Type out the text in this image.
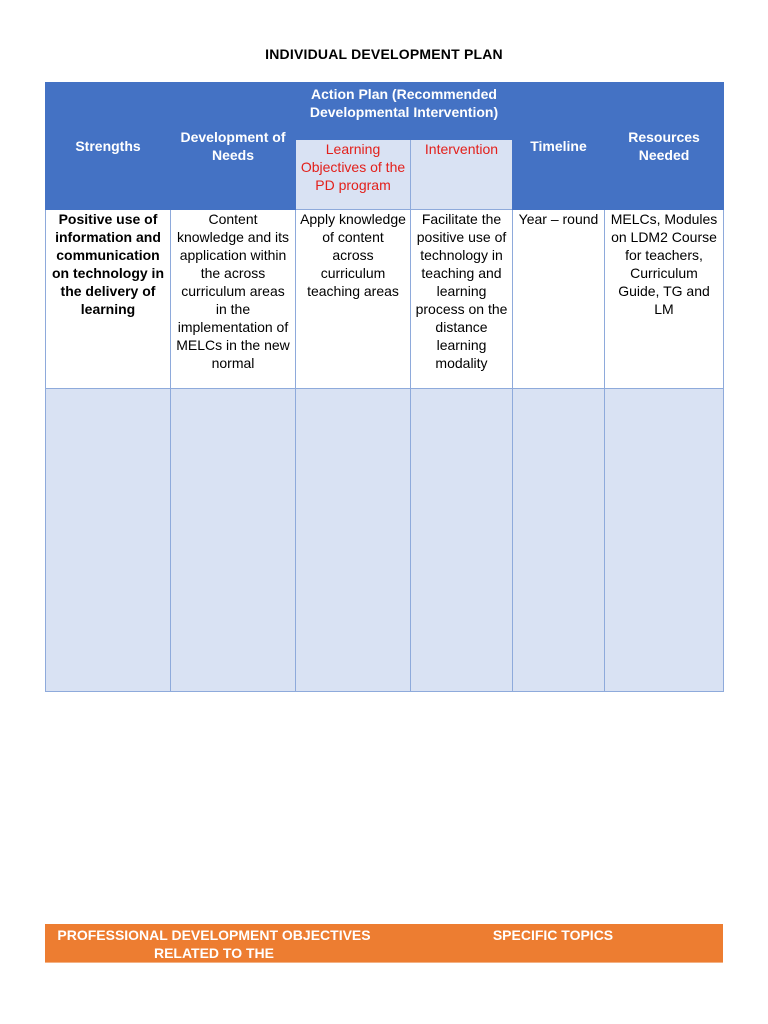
INDIVIDUAL DEVELOPMENT PLAN
Strengths	Development of Needs	Action Plan (Recommended Developmental Intervention)		Timeline	Resources Needed

		Learning Objectives of the PD program	Intervention		

Positive use of information and communication on technology in the delivery of learning	Content knowledge and its application within the across curriculum areas in the implementation of MELCs in the new normal	Apply knowledge of content across curriculum teaching areas	Facilitate the positive use of technology in teaching and learning process on the distance learning modality	Year – round	MELCs, Modules on LDM2 Course for teachers, Curriculum Guide, TG and LM

PROFESSIONAL DEVELOPMENT OBJECTIVES RELATED TO THE
SPECIFIC TOPICS
